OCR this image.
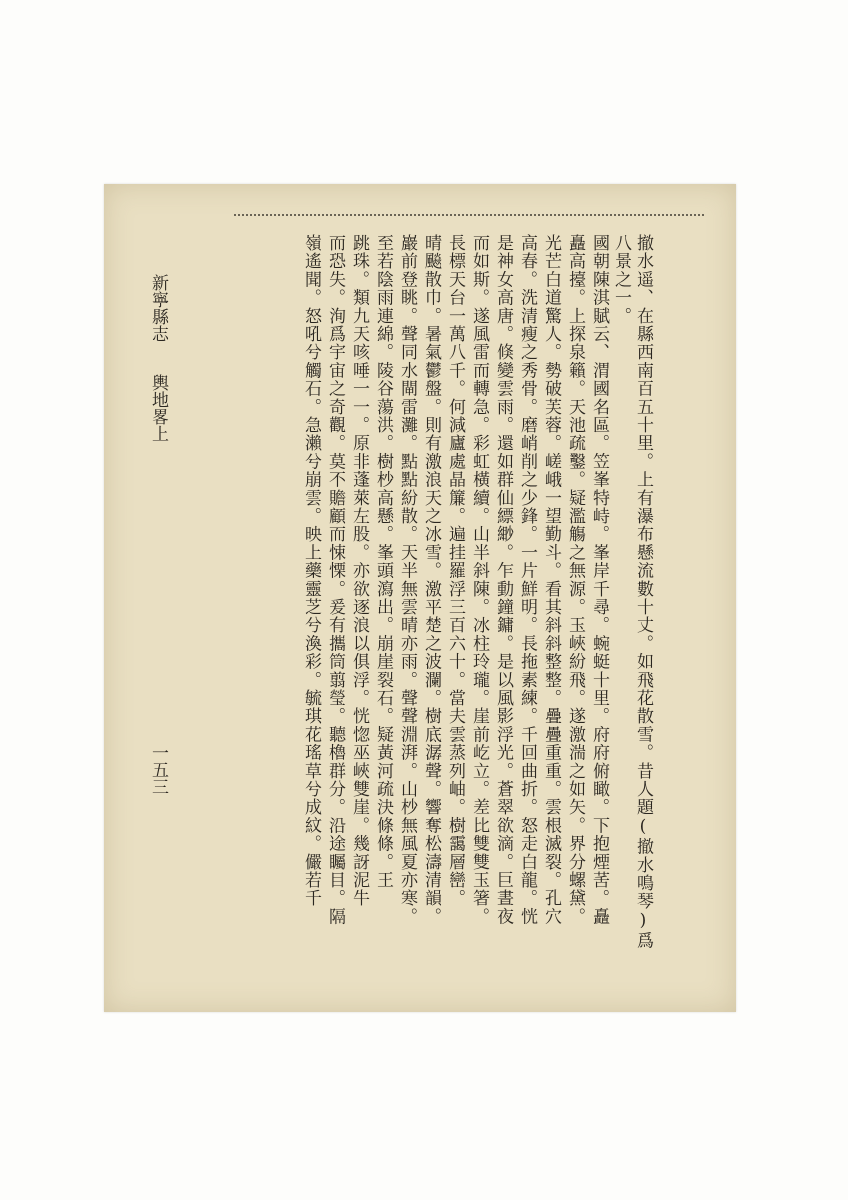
撤水遥、在縣西南百五十里。上有瀑布懸流數十丈。如飛花散雪。昔人題(撤水鳴琴)爲
八景之一。
國朝陳淇賦云、渭國名區。笠峯特峙。峯岸千尋。蜿蜓十里。府府俯瞰。下抱煙䒷。矗
矗高擡。上探泉籟。天池疏鑿。疑濫觴之無源。玉峽紛飛。遂激湍之如矢。界分螺黛。
光芒白道驚人。勢破芙蓉。嵯峨一望勤斗。看其斜斜整整。疊疊重重。雲根滅裂。孔穴
高春。洗清瘦之秀骨。磨峭削之少鋒。一片鮮明。長拖素練。千回曲折。怒走白龍。恍
是神女高唐。倏變雲雨。還如群仙縹緲。乍動鐘鏞。是以風影浮光。蒼翠欲滴。巨晝夜
而如斯。遂風雷而轉急。彩虹橫續。山半斜陳。冰柱玲瓏。崖前屹立。差比雙雙玉箸。
長標天台一萬八千。何減廬處晶簾。遍挂羅浮三百六十。當夫雲蒸列岫。樹靄層巒。
晴飈散巾。暑氣鬱盤。則有激浪天之冰雪。激平楚之波瀾。樹底潺聲。響奪松濤清韻。
巖前登眺。聲同水閘雷灘。點點紛散。天半無雲晴亦雨。聲聲淵湃。山杪無風夏亦寒。
至若陰雨連綿。陵谷蕩洪。樹杪高懸。峯頭瀉出。崩崖裂石。疑黃河疏決條條。王
跳珠。類九天咳唾一一。原非蓬萊左股。亦欲逐浪以俱浮。恍惚巫峽雙崖。幾訝泥牛
而恐失。洵爲宇宙之奇觀。莫不贍顧而悚慄。爰有攜筒翦瑩。聽櫓群分。沿途矚目。隔
嶺遙聞。怒吼兮觸石。急瀨兮崩雲。映上藥靈芝兮渙彩。毓琪花瑤草兮成紋。儼若千
新寧縣志
輿地畧上
一五三
